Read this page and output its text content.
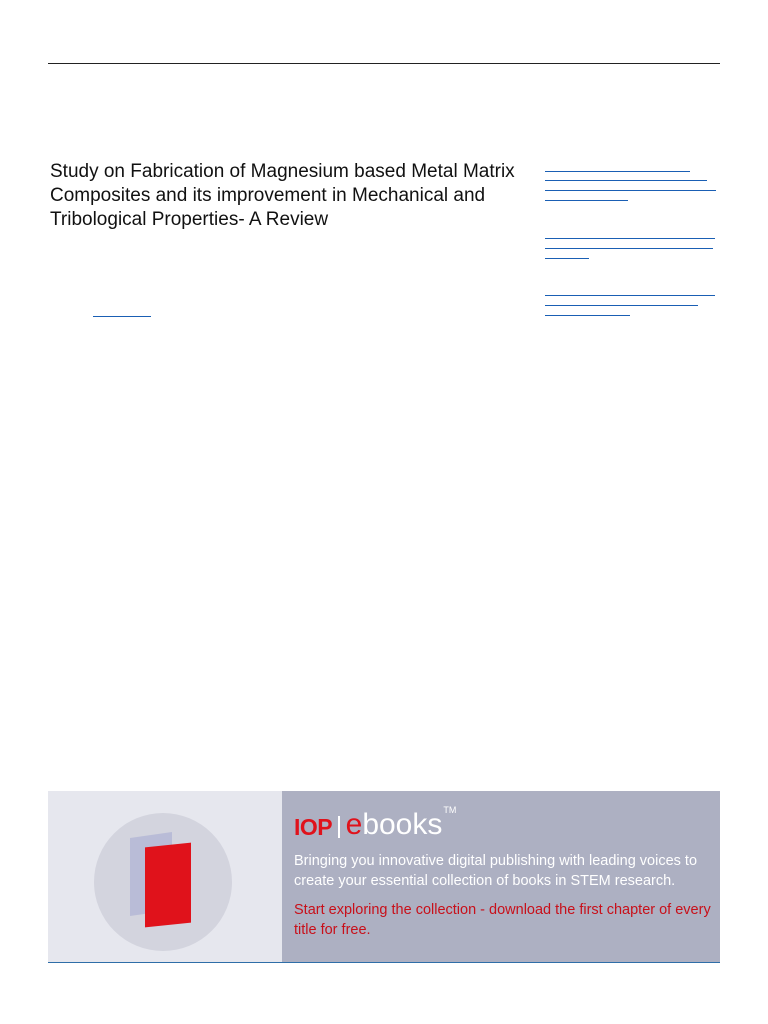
Study on Fabrication of Magnesium based Metal Matrix Composites and its improvement in Mechanical and Tribological Properties- A Review
IOP e books TM
Bringing you innovative digital publishing with leading voices to create your essential collection of books in STEM research.
Start exploring the collection - download the first chapter of every title for free.
